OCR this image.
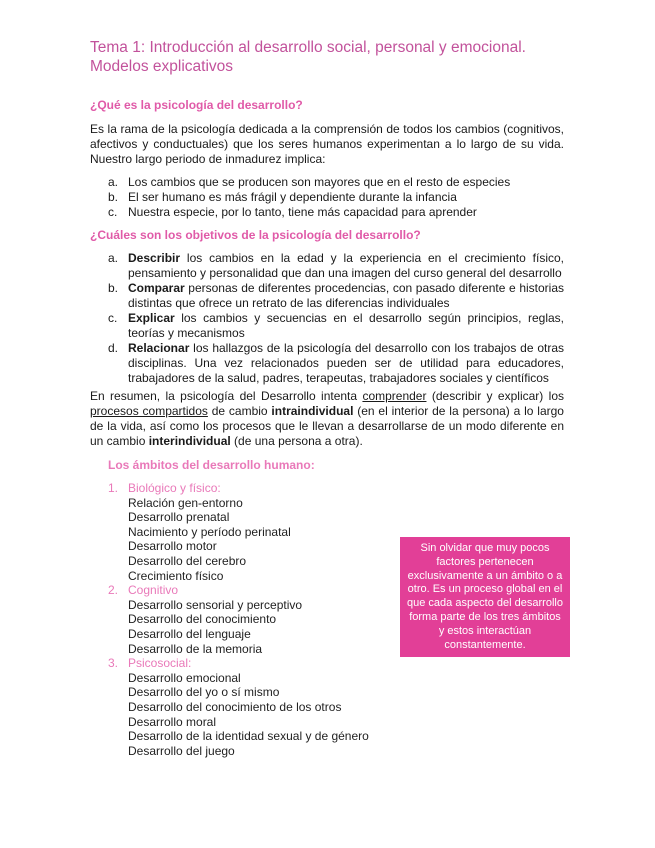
Tema 1: Introducción al desarrollo social, personal y emocional.
Modelos explicativos
¿Qué es la psicología del desarrollo?
Es la rama de la psicología dedicada a la comprensión de todos los cambios (cognitivos, afectivos y conductuales) que los seres humanos experimentan a lo largo de su vida. Nuestro largo periodo de inmadurez implica:
a. Los cambios que se producen son mayores que en el resto de especies
b. El ser humano es más frágil y dependiente durante la infancia
c. Nuestra especie, por lo tanto, tiene más capacidad para aprender
¿Cuáles son los objetivos de la psicología del desarrollo?
a. Describir los cambios en la edad y la experiencia en el crecimiento físico, pensamiento y personalidad que dan una imagen del curso general del desarrollo
b. Comparar personas de diferentes procedencias, con pasado diferente e historias distintas que ofrece un retrato de las diferencias individuales
c. Explicar los cambios y secuencias en el desarrollo según principios, reglas, teorías y mecanismos
d. Relacionar los hallazgos de la psicología del desarrollo con los trabajos de otras disciplinas. Una vez relacionados pueden ser de utilidad para educadores, trabajadores de la salud, padres, terapeutas, trabajadores sociales y científicos
En resumen, la psicología del Desarrollo intenta comprender (describir y explicar) los procesos compartidos de cambio intraindividual (en el interior de la persona) a lo largo de la vida, así como los procesos que le llevan a desarrollarse de un modo diferente en un cambio interindividual (de una persona a otra).
Los ámbitos del desarrollo humano:
1. Biológico y físico:
Relación gen-entorno
Desarrollo prenatal
Nacimiento y período perinatal
Desarrollo motor
Desarrollo del cerebro
Crecimiento físico
2. Cognitivo
Desarrollo sensorial y perceptivo
Desarrollo del conocimiento
Desarrollo del lenguaje
Desarrollo de la memoria
3. Psicosocial:
Desarrollo emocional
Desarrollo del yo o sí mismo
Desarrollo del conocimiento de los otros
Desarrollo moral
Desarrollo de la identidad sexual y de género
Desarrollo del juego
Sin olvidar que muy pocos factores pertenecen exclusivamente a un ámbito o a otro. Es un proceso global en el que cada aspecto del desarrollo forma parte de los tres ámbitos y estos interactúan constantemente.
